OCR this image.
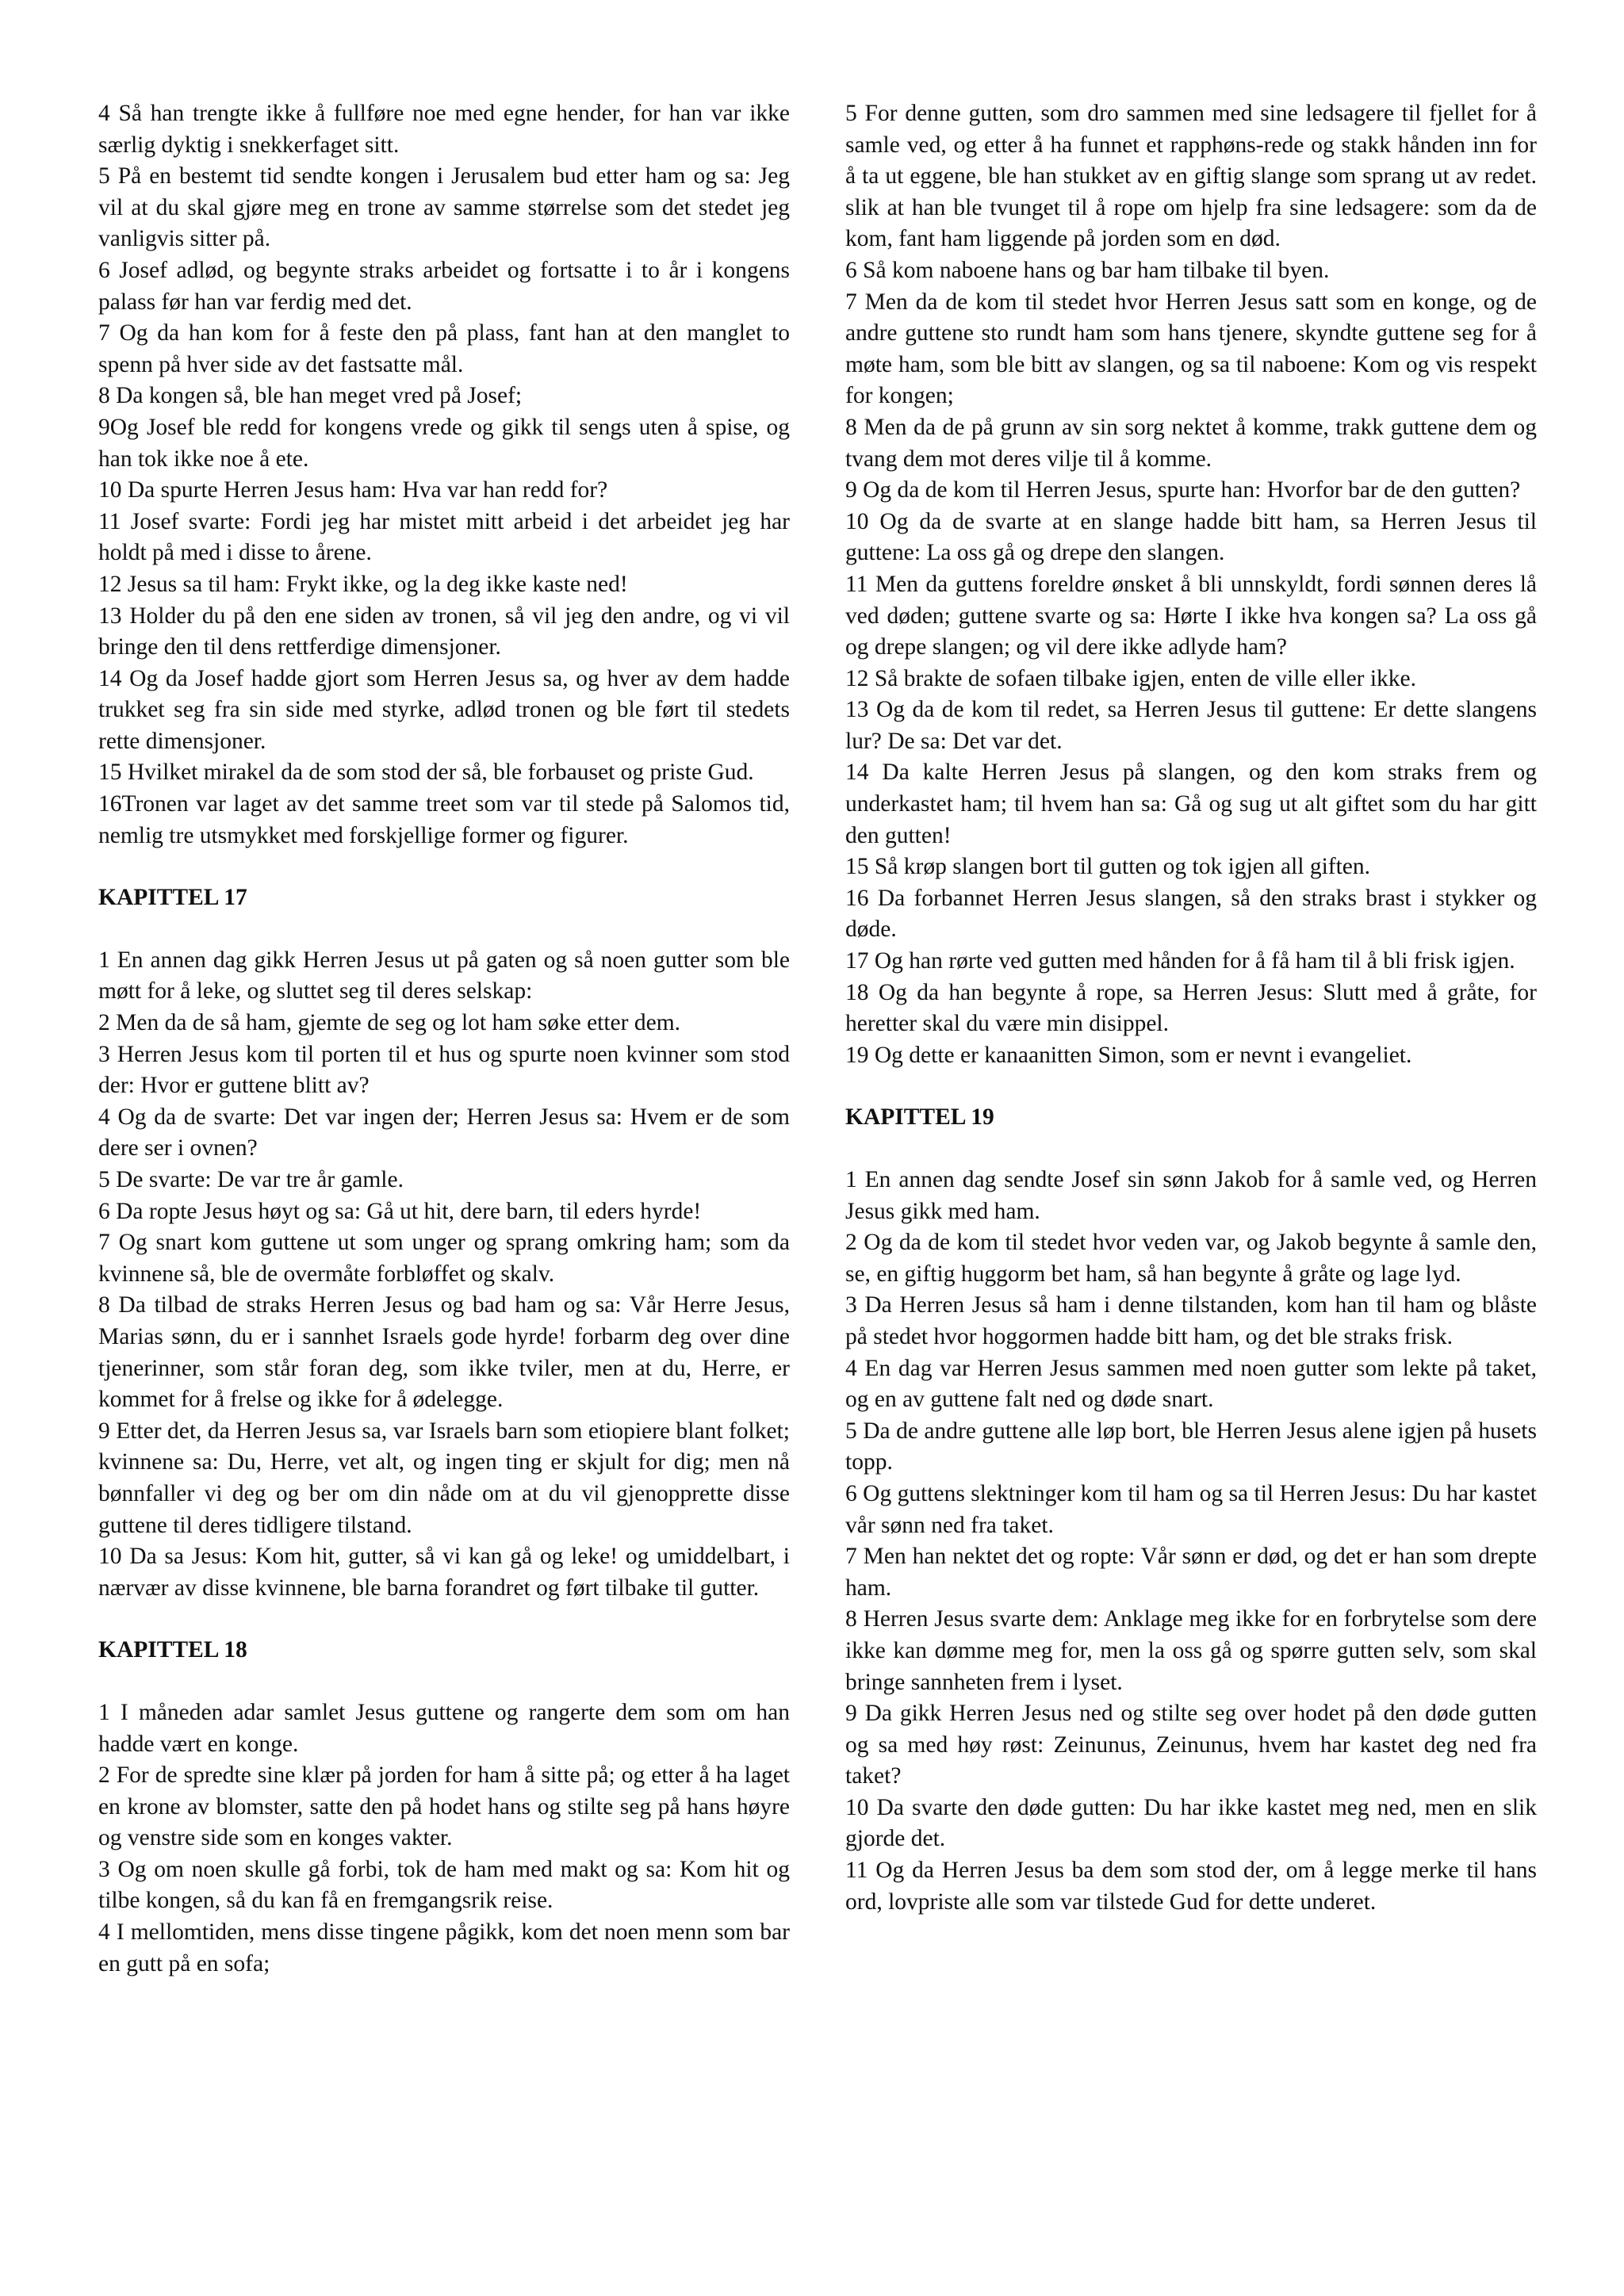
4 Så han trengte ikke å fullføre noe med egne hender, for han var ikke særlig dyktig i snekkerfaget sitt.

5 På en bestemt tid sendte kongen i Jerusalem bud etter ham og sa: Jeg vil at du skal gjøre meg en trone av samme størrelse som det stedet jeg vanligvis sitter på.

6 Josef adlød, og begynte straks arbeidet og fortsatte i to år i kongens palass før han var ferdig med det.

7 Og da han kom for å feste den på plass, fant han at den manglet to spenn på hver side av det fastsatte mål.

8 Da kongen så, ble han meget vred på Josef;

9Og Josef ble redd for kongens vrede og gikk til sengs uten å spise, og han tok ikke noe å ete.

10 Da spurte Herren Jesus ham: Hva var han redd for?

11 Josef svarte: Fordi jeg har mistet mitt arbeid i det arbeidet jeg har holdt på med i disse to årene.

12 Jesus sa til ham: Frykt ikke, og la deg ikke kaste ned!

13 Holder du på den ene siden av tronen, så vil jeg den andre, og vi vil bringe den til dens rettferdige dimensjoner.

14 Og da Josef hadde gjort som Herren Jesus sa, og hver av dem hadde trukket seg fra sin side med styrke, adlød tronen og ble ført til stedets rette dimensjoner.

15 Hvilket mirakel da de som stod der så, ble forbauset og priste Gud.

16Tronen var laget av det samme treet som var til stede på Salomos tid, nemlig tre utsmykket med forskjellige former og figurer.

KAPITTEL 17

1 En annen dag gikk Herren Jesus ut på gaten og så noen gutter som ble møtt for å leke, og sluttet seg til deres selskap:

2 Men da de så ham, gjemte de seg og lot ham søke etter dem.

3 Herren Jesus kom til porten til et hus og spurte noen kvinner som stod der: Hvor er guttene blitt av?

4 Og da de svarte: Det var ingen der; Herren Jesus sa: Hvem er de som dere ser i ovnen?

5 De svarte: De var tre år gamle.

6 Da ropte Jesus høyt og sa: Gå ut hit, dere barn, til eders hyrde!

7 Og snart kom guttene ut som unger og sprang omkring ham; som da kvinnene så, ble de overmåte forbløffet og skalv.

8 Da tilbad de straks Herren Jesus og bad ham og sa: Vår Herre Jesus, Marias sønn, du er i sannhet Israels gode hyrde! forbarm deg over dine tjenerinner, som står foran deg, som ikke tviler, men at du, Herre, er kommet for å frelse og ikke for å ødelegge.

9 Etter det, da Herren Jesus sa, var Israels barn som etiopiere blant folket; kvinnene sa: Du, Herre, vet alt, og ingen ting er skjult for dig; men nå bønnfaller vi deg og ber om din nåde om at du vil gjenopprette disse guttene til deres tidligere tilstand.

10 Da sa Jesus: Kom hit, gutter, så vi kan gå og leke! og umiddelbart, i nærvær av disse kvinnene, ble barna forandret og ført tilbake til gutter.

KAPITTEL 18

1 I måneden adar samlet Jesus guttene og rangerte dem som om han hadde vært en konge.

2 For de spredte sine klær på jorden for ham å sitte på; og etter å ha laget en krone av blomster, satte den på hodet hans og stilte seg på hans høyre og venstre side som en konges vakter.

3 Og om noen skulle gå forbi, tok de ham med makt og sa: Kom hit og tilbe kongen, så du kan få en fremgangsrik reise.

4 I mellomtiden, mens disse tingene pågikk, kom det noen menn som bar en gutt på en sofa;

5 For denne gutten, som dro sammen med sine ledsagere til fjellet for å samle ved, og etter å ha funnet et rapphøns-rede og stakk hånden inn for å ta ut eggene, ble han stukket av en giftig slange som sprang ut av redet. slik at han ble tvunget til å rope om hjelp fra sine ledsagere: som da de kom, fant ham liggende på jorden som en død.

6 Så kom naboene hans og bar ham tilbake til byen.

7 Men da de kom til stedet hvor Herren Jesus satt som en konge, og de andre guttene sto rundt ham som hans tjenere, skyndte guttene seg for å møte ham, som ble bitt av slangen, og sa til naboene: Kom og vis respekt for kongen;

8 Men da de på grunn av sin sorg nektet å komme, trakk guttene dem og tvang dem mot deres vilje til å komme.

9 Og da de kom til Herren Jesus, spurte han: Hvorfor bar de den gutten?

10 Og da de svarte at en slange hadde bitt ham, sa Herren Jesus til guttene: La oss gå og drepe den slangen.

11 Men da guttens foreldre ønsket å bli unnskyldt, fordi sønnen deres lå ved døden; guttene svarte og sa: Hørte I ikke hva kongen sa? La oss gå og drepe slangen; og vil dere ikke adlyde ham?

12 Så brakte de sofaen tilbake igjen, enten de ville eller ikke.

13 Og da de kom til redet, sa Herren Jesus til guttene: Er dette slangens lur? De sa: Det var det.

14 Da kalte Herren Jesus på slangen, og den kom straks frem og underkastet ham; til hvem han sa: Gå og sug ut alt giftet som du har gitt den gutten!

15 Så krøp slangen bort til gutten og tok igjen all giften.

16 Da forbannet Herren Jesus slangen, så den straks brast i stykker og døde.

17 Og han rørte ved gutten med hånden for å få ham til å bli frisk igjen.

18 Og da han begynte å rope, sa Herren Jesus: Slutt med å gråte, for heretter skal du være min disippel.

19 Og dette er kanaanitten Simon, som er nevnt i evangeliet.

KAPITTEL 19

1 En annen dag sendte Josef sin sønn Jakob for å samle ved, og Herren Jesus gikk med ham.

2 Og da de kom til stedet hvor veden var, og Jakob begynte å samle den, se, en giftig huggorm bet ham, så han begynte å gråte og lage lyd.

3 Da Herren Jesus så ham i denne tilstanden, kom han til ham og blåste på stedet hvor hoggormen hadde bitt ham, og det ble straks frisk.

4 En dag var Herren Jesus sammen med noen gutter som lekte på taket, og en av guttene falt ned og døde snart.

5 Da de andre guttene alle løp bort, ble Herren Jesus alene igjen på husets topp.

6 Og guttens slektninger kom til ham og sa til Herren Jesus: Du har kastet vår sønn ned fra taket.

7 Men han nektet det og ropte: Vår sønn er død, og det er han som drepte ham.

8 Herren Jesus svarte dem: Anklage meg ikke for en forbrytelse som dere ikke kan dømme meg for, men la oss gå og spørre gutten selv, som skal bringe sannheten frem i lyset.

9 Da gikk Herren Jesus ned og stilte seg over hodet på den døde gutten og sa med høy røst: Zeinunus, Zeinunus, hvem har kastet deg ned fra taket?

10 Da svarte den døde gutten: Du har ikke kastet meg ned, men en slik gjorde det.

11 Og da Herren Jesus ba dem som stod der, om å legge merke til hans ord, lovpriste alle som var tilstede Gud for dette underet.
